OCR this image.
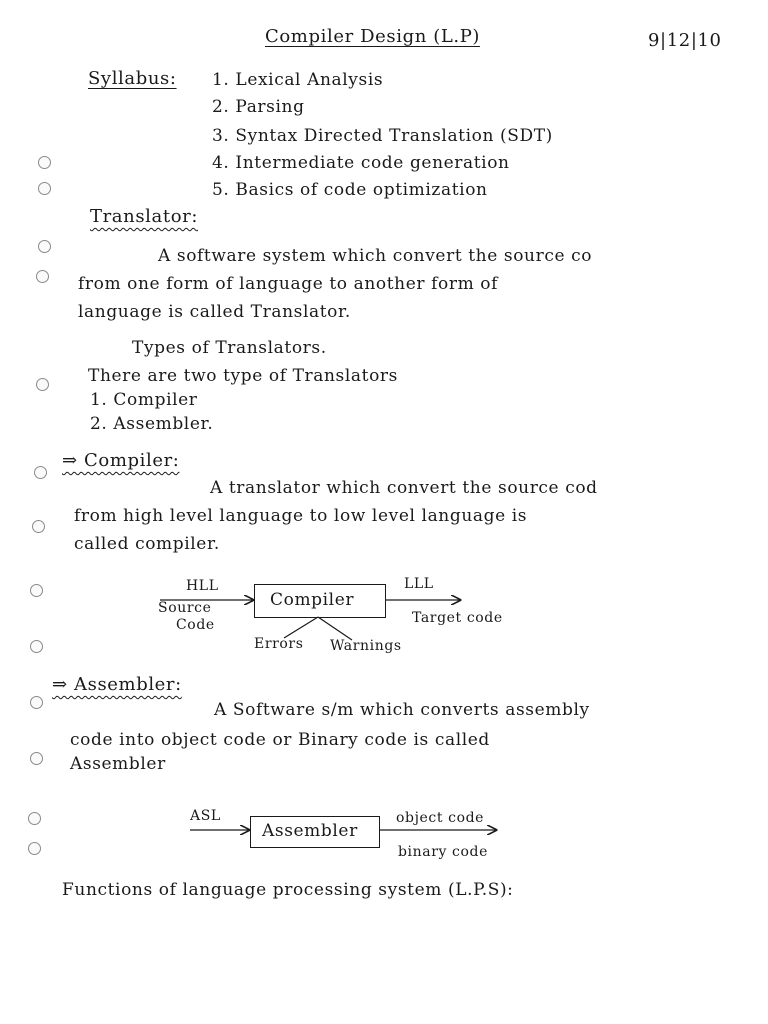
Compiler Design (L.P)	9|12|10
Syllabus: 1. Lexical Analysis
2. Parsing
3. Syntax Directed Translation (SDT)
4. Intermediate code generation
5. Basics of code optimization
Translator:
A software system which convert the source co
from one form of language to another form of
language is called Translator.
Types of Translators.
There are two type of Translators
1. Compiler
2. Assembler.
⇒ Compiler:
A translator which convert the source cod
from high level language to low level language is
called compiler.
HLL
Source
Code
Compiler
LLL
Target code
Errors Warnings
⇒ Assembler:
A Software s/m which converts assembly
code into object code or Binary code is called
Assembler
ASL
Assembler
object code
binary code
Functions of language processing system (L.P.S):
